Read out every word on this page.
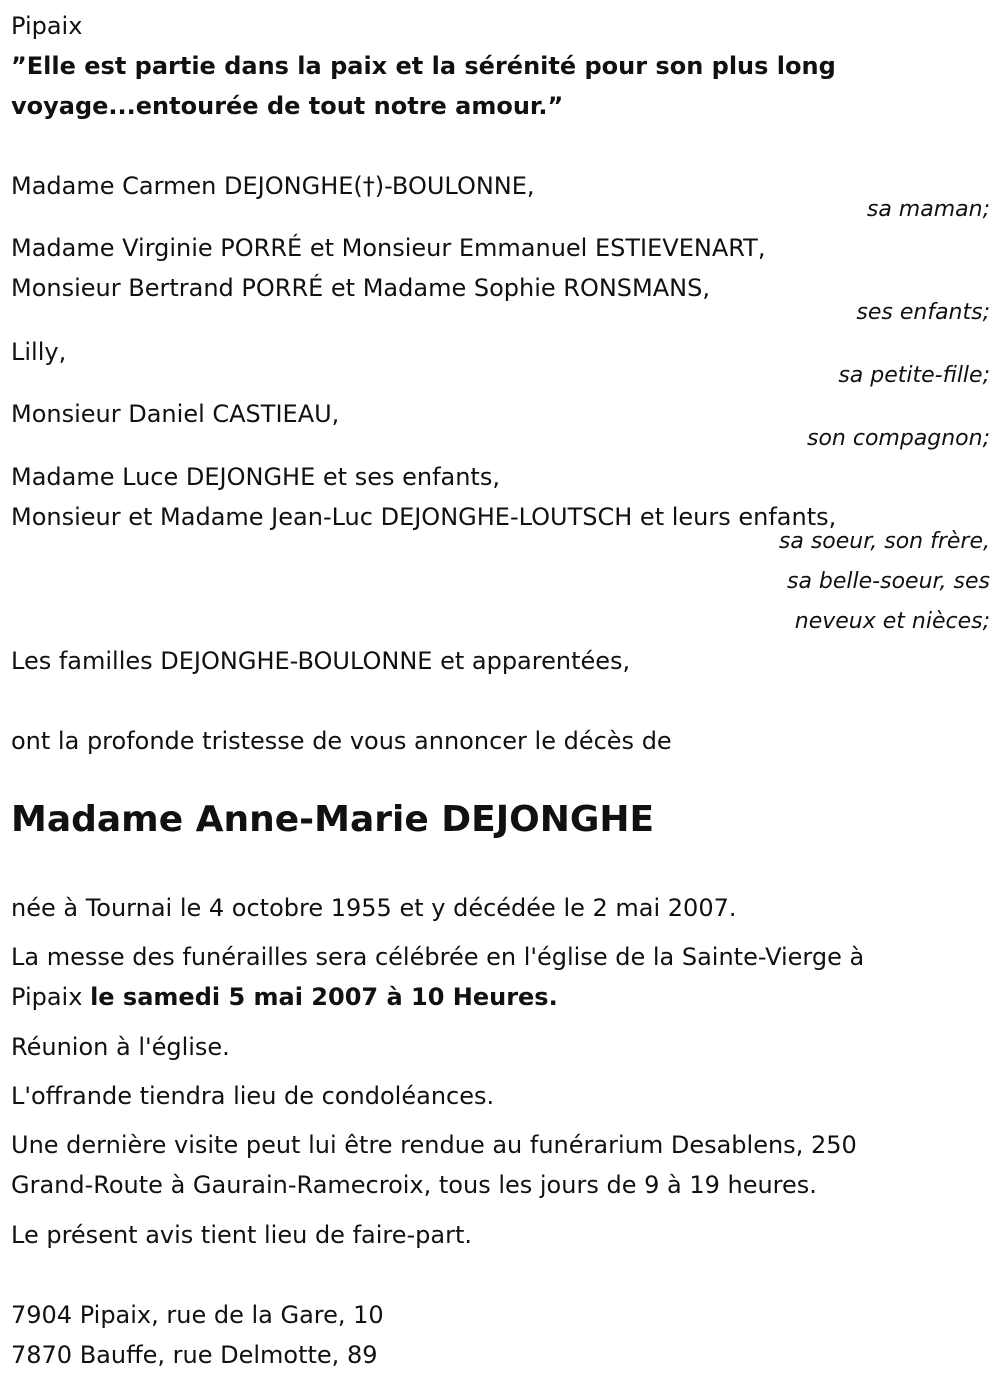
Pipaix
”Elle est partie dans la paix et la sérénité pour son plus long
voyage...entourée de tout notre amour.”
Madame Carmen DEJONGHE(†)-BOULONNE,
sa maman;
Madame Virginie PORRÉ et Monsieur Emmanuel ESTIEVENART,
Monsieur Bertrand PORRÉ et Madame Sophie RONSMANS,
ses enfants;
Lilly,
sa petite-fille;
Monsieur Daniel CASTIEAU,
son compagnon;
Madame Luce DEJONGHE et ses enfants,
Monsieur et Madame Jean-Luc DEJONGHE-LOUTSCH et leurs enfants,
sa soeur, son frère,
sa belle-soeur, ses
neveux et nièces;
Les familles DEJONGHE-BOULONNE et apparentées,
ont la profonde tristesse de vous annoncer le décès de
Madame Anne-Marie DEJONGHE
née à Tournai le 4 octobre 1955 et y décédée le 2 mai 2007.
La messe des funérailles sera célébrée en l'église de la Sainte-Vierge à
Pipaix le samedi 5 mai 2007 à 10 Heures.
Réunion à l'église.
L'offrande tiendra lieu de condoléances.
Une dernière visite peut lui être rendue au funérarium Desablens, 250
Grand-Route à Gaurain-Ramecroix, tous les jours de 9 à 19 heures.
Le présent avis tient lieu de faire-part.
7904 Pipaix, rue de la Gare, 10
7870 Bauffe, rue Delmotte, 89
